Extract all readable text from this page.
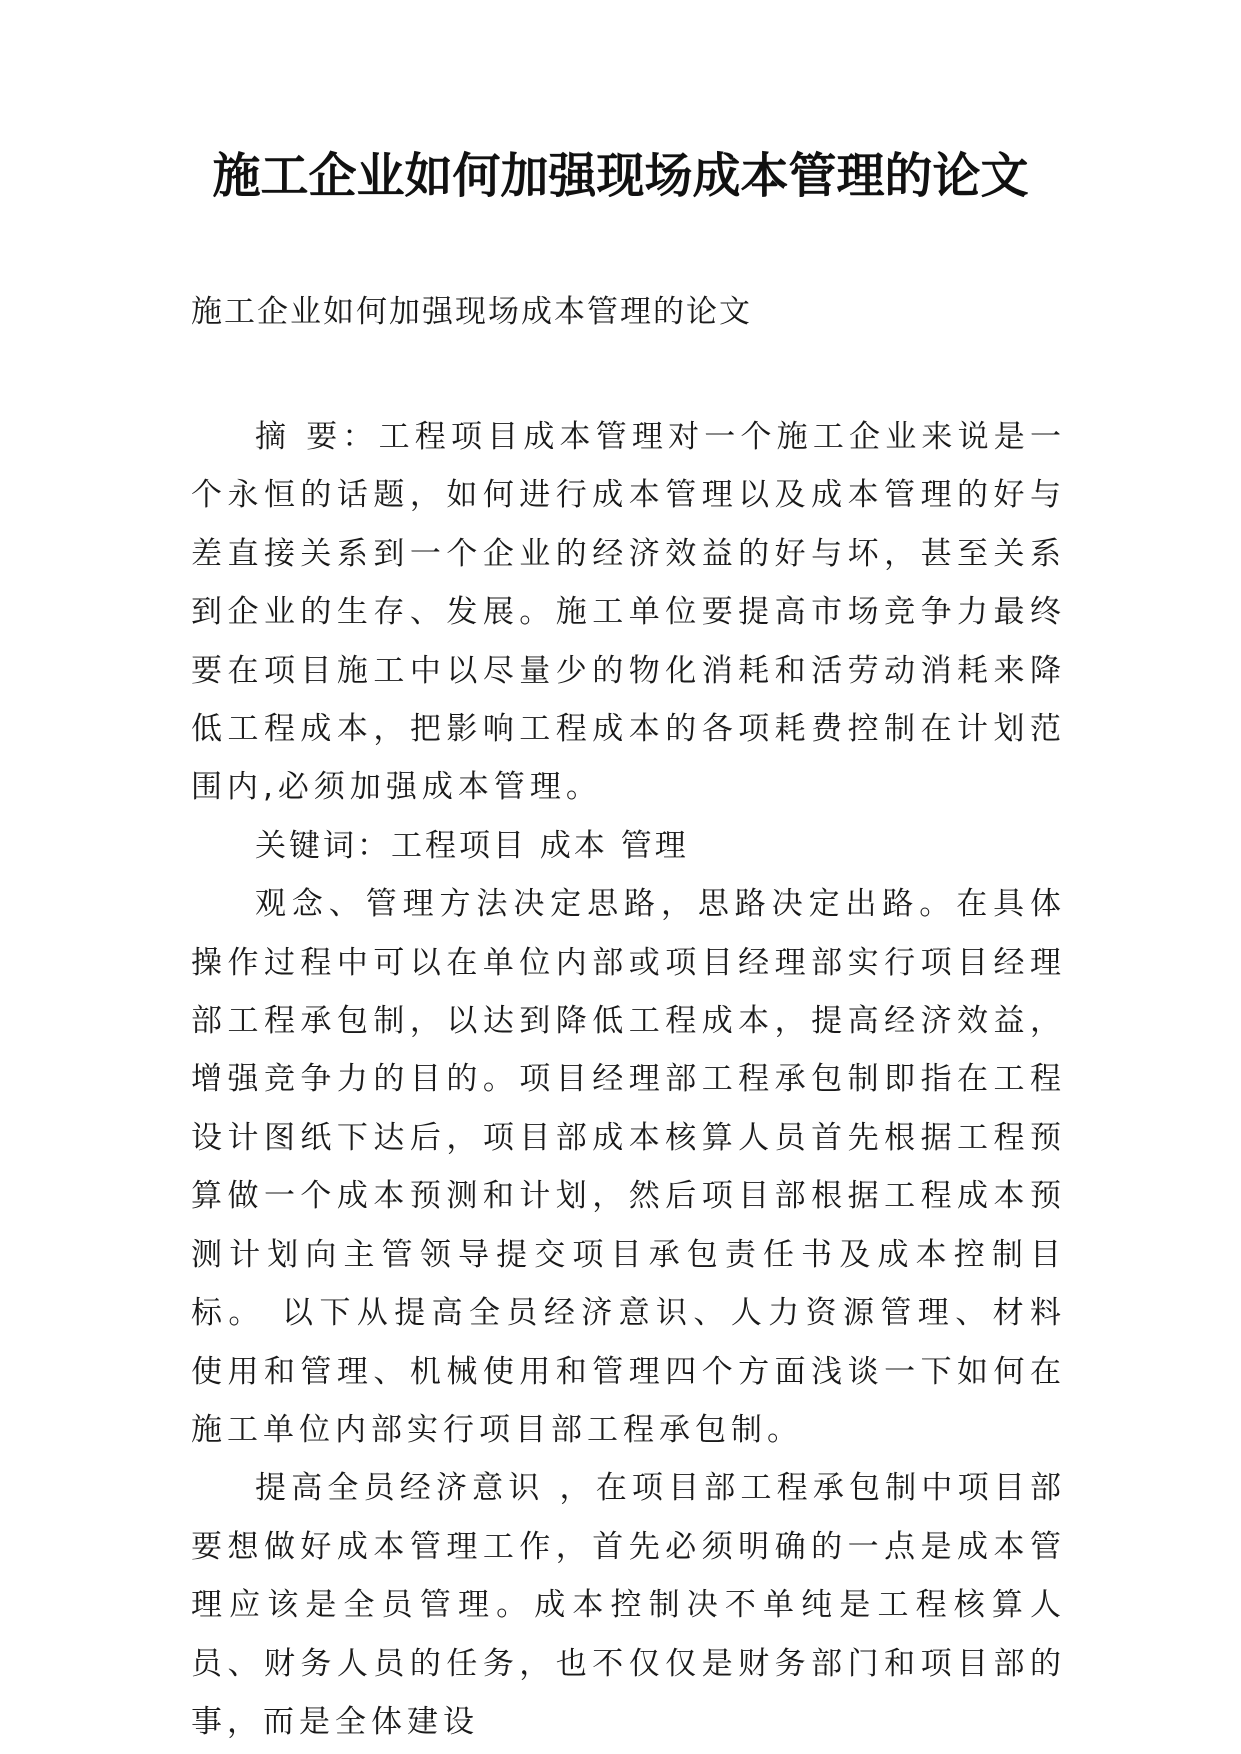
施工企业如何加强现场成本管理的论文

施工企业如何加强现场成本管理的论文

摘 要：工程项目成本管理对一个施工企业来说是一个永恒的话题，如何进行成本管理以及成本管理的好与差直接关系到一个企业的经济效益的好与坏，甚至关系到企业的生存、发展。施工单位要提高市场竞争力最终要在项目施工中以尽量少的物化消耗和活劳动消耗来降低工程成本，把影响工程成本的各项耗费控制在计划范围内,必须加强成本管理。

关键词：工程项目 成本 管理

观念、管理方法决定思路，思路决定出路。在具体操作过程中可以在单位内部或项目经理部实行项目经理部工程承包制，以达到降低工程成本，提高经济效益，增强竞争力的目的。项目经理部工程承包制即指在工程设计图纸下达后，项目部成本核算人员首先根据工程预算做一个成本预测和计划，然后项目部根据工程成本预测计划向主管领导提交项目承包责任书及成本控制目标。 以下从提高全员经济意识、人力资源管理、材料使用和管理、机械使用和管理四个方面浅谈一下如何在施工单位内部实行项目部工程承包制。

提高全员经济意识 ，在项目部工程承包制中项目部要想做好成本管理工作，首先必须明确的一点是成本管理应该是全员管理。成本控制决不单纯是工程核算人员、财务人员的任务，也不仅仅是财务部门和项目部的事，而是全体建设
